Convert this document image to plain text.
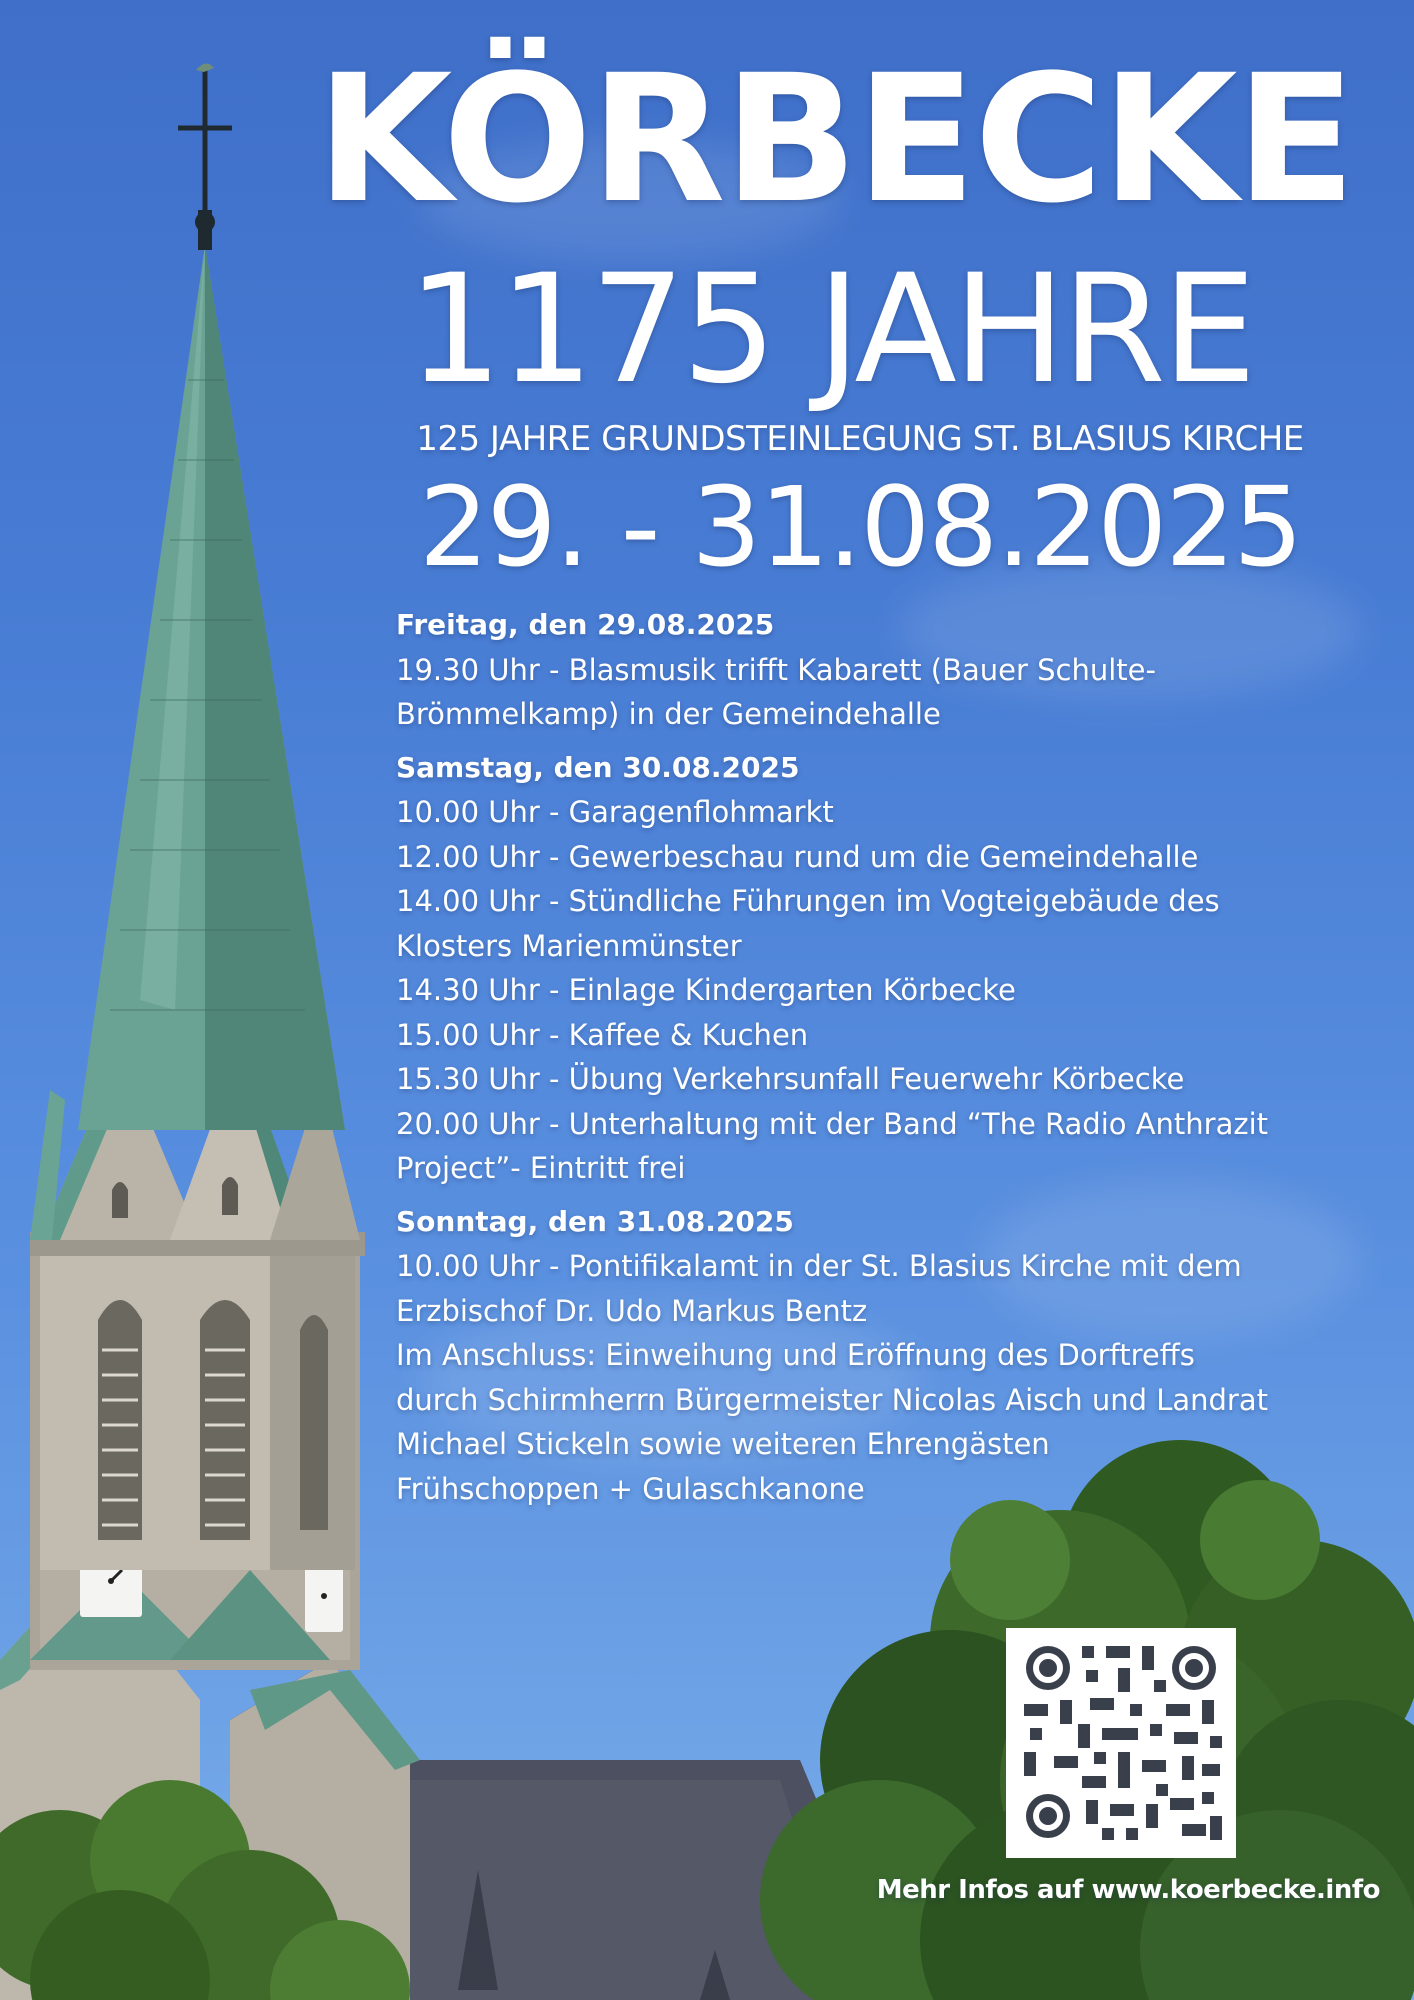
KÖRBECKE
1175 JAHRE
125 JAHRE GRUNDSTEINLEGUNG ST. BLASIUS KIRCHE
29. - 31.08.2025
Freitag, den 29.08.2025
19.30 Uhr - Blasmusik trifft Kabarett (Bauer Schulte-
Brömmelkamp) in der Gemeindehalle
Samstag, den 30.08.2025
10.00 Uhr - Garagenflohmarkt
12.00 Uhr - Gewerbeschau rund um die Gemeindehalle
14.00 Uhr - Stündliche Führungen im Vogteigebäude des
Klosters Marienmünster
14.30 Uhr - Einlage Kindergarten Körbecke
15.00 Uhr - Kaffee & Kuchen
15.30 Uhr - Übung Verkehrsunfall Feuerwehr Körbecke
20.00 Uhr - Unterhaltung mit der Band “The Radio Anthrazit
Project”- Eintritt frei
Sonntag, den 31.08.2025
10.00 Uhr - Pontifikalamt in der St. Blasius Kirche mit dem
Erzbischof Dr. Udo Markus Bentz
Im Anschluss: Einweihung und Eröffnung des Dorftreffs
durch Schirmherrn Bürgermeister Nicolas Aisch und Landrat
Michael Stickeln sowie weiteren Ehrengästen
Frühschoppen + Gulaschkanone
Mehr Infos auf www.koerbecke.info
